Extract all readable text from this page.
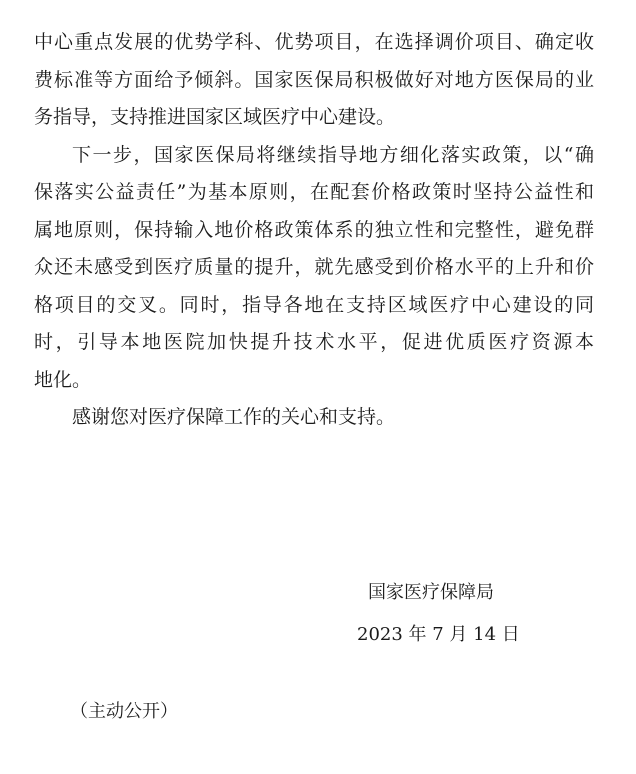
中心重点发展的优势学科、优势项目，在选择调价项目、确定收
费标准等方面给予倾斜。国家医保局积极做好对地方医保局的业
务指导，支持推进国家区域医疗中心建设。
下一步，国家医保局将继续指导地方细化落实政策，以“确
保落实公益责任”为基本原则，在配套价格政策时坚持公益性和
属地原则，保持输入地价格政策体系的独立性和完整性，避免群
众还未感受到医疗质量的提升，就先感受到价格水平的上升和价
格项目的交叉。同时，指导各地在支持区域医疗中心建设的同
时，引导本地医院加快提升技术水平，促进优质医疗资源本
地化。
感谢您对医疗保障工作的关心和支持。
国家医疗保障局
2023 年 7 月 14 日
（主动公开）
